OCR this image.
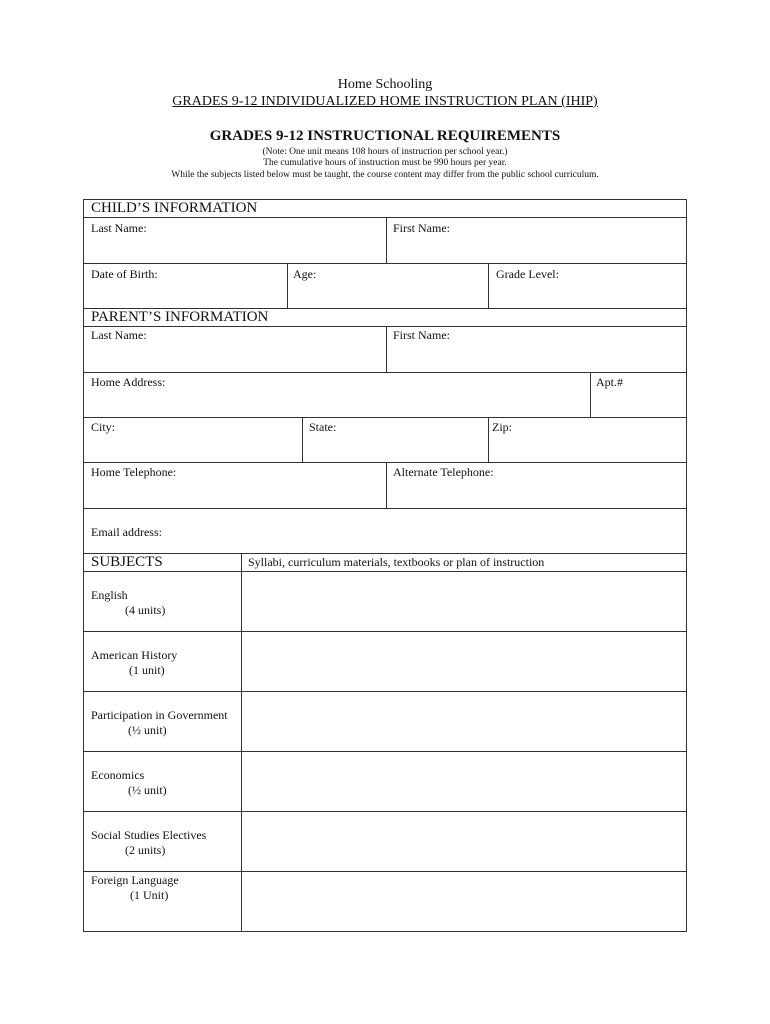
Home Schooling
GRADES 9-12 INDIVIDUALIZED HOME INSTRUCTION PLAN (IHIP)
GRADES 9-12 INSTRUCTIONAL REQUIREMENTS
(Note: One unit means 108 hours of instruction per school year.)
The cumulative hours of instruction must be 990 hours per year.
While the subjects listed below must be taught, the course content may differ from the public school curriculum.
CHILD’S INFORMATION
Last Name:	First Name:
Date of Birth:	Age:	Grade Level:
PARENT’S INFORMATION
Last Name:	First Name:
Home Address:	Apt.#
City:	State:	Zip:
Home Telephone:	Alternate Telephone:
Email address:
SUBJECTS	Syllabi, curriculum materials, textbooks or plan of instruction
English
(4 units)
American History
(1 unit)
Participation in Government
(½ unit)
Economics
(½ unit)
Social Studies Electives
(2 units)
Foreign Language
(1 Unit)
